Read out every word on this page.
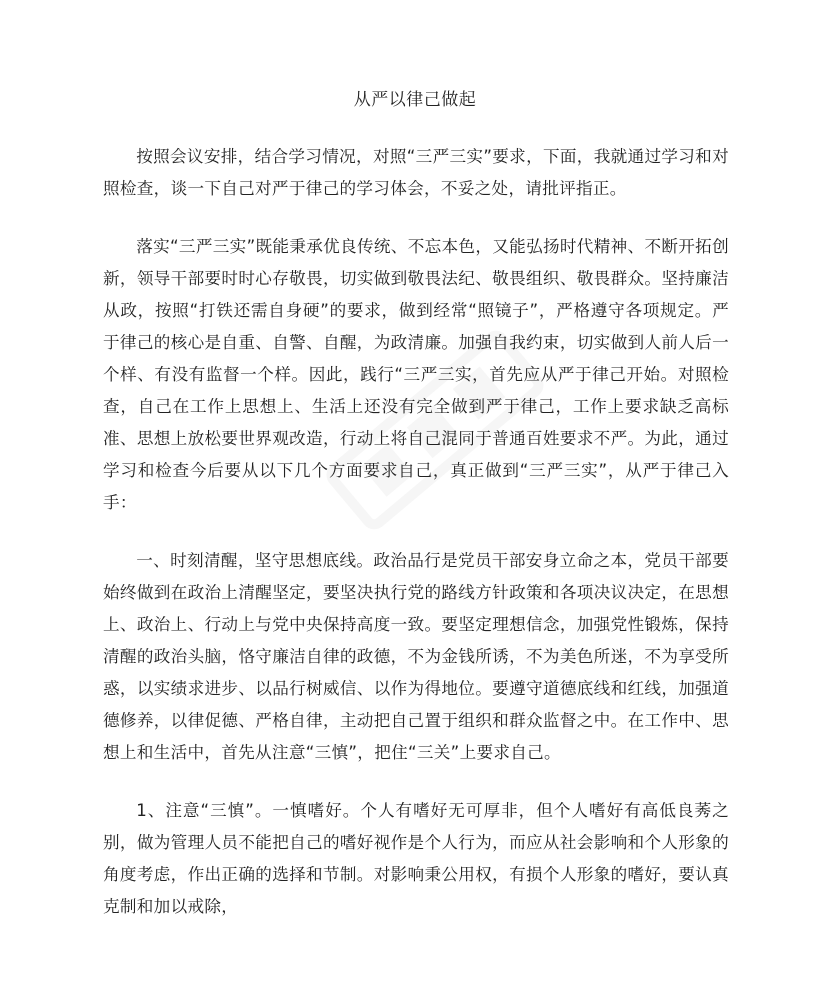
从严以律己做起

按照会议安排，结合学习情况，对照“三严三实”要求，下面，我就通过学习和对照检查，谈一下自己对严于律己的学习体会，不妥之处，请批评指正。

落实“三严三实”既能秉承优良传统、不忘本色，又能弘扬时代精神、不断开拓创新，领导干部要时时心存敬畏，切实做到敬畏法纪、敬畏组织、敬畏群众。坚持廉洁从政，按照“打铁还需自身硬”的要求，做到经常“照镜子”，严格遵守各项规定。严于律己的核心是自重、自警、自醒，为政清廉。加强自我约束，切实做到人前人后一个样、有没有监督一个样。因此，践行“三严三实，首先应从严于律己开始。对照检查，自己在工作上思想上、生活上还没有完全做到严于律己，工作上要求缺乏高标准、思想上放松要世界观改造，行动上将自己混同于普通百姓要求不严。为此，通过学习和检查今后要从以下几个方面要求自己，真正做到“三严三实”，从严于律己入手：

一、时刻清醒，坚守思想底线。政治品行是党员干部安身立命之本，党员干部要始终做到在政治上清醒坚定，要坚决执行党的路线方针政策和各项决议决定，在思想上、政治上、行动上与党中央保持高度一致。要坚定理想信念，加强党性锻炼，保持清醒的政治头脑，恪守廉洁自律的政德，不为金钱所诱，不为美色所迷，不为享受所惑，以实绩求进步、以品行树威信、以作为得地位。要遵守道德底线和红线，加强道德修养，以律促德、严格自律，主动把自己置于组织和群众监督之中。在工作中、思想上和生活中，首先从注意“三慎”，把住“三关”上要求自己。

1、注意“三慎”。一慎嗜好。个人有嗜好无可厚非，但个人嗜好有高低良莠之别，做为管理人员不能把自己的嗜好视作是个人行为，而应从社会影响和个人形象的角度考虑，作出正确的选择和节制。对影响秉公用权，有损个人形象的嗜好，要认真克制和加以戒除，
